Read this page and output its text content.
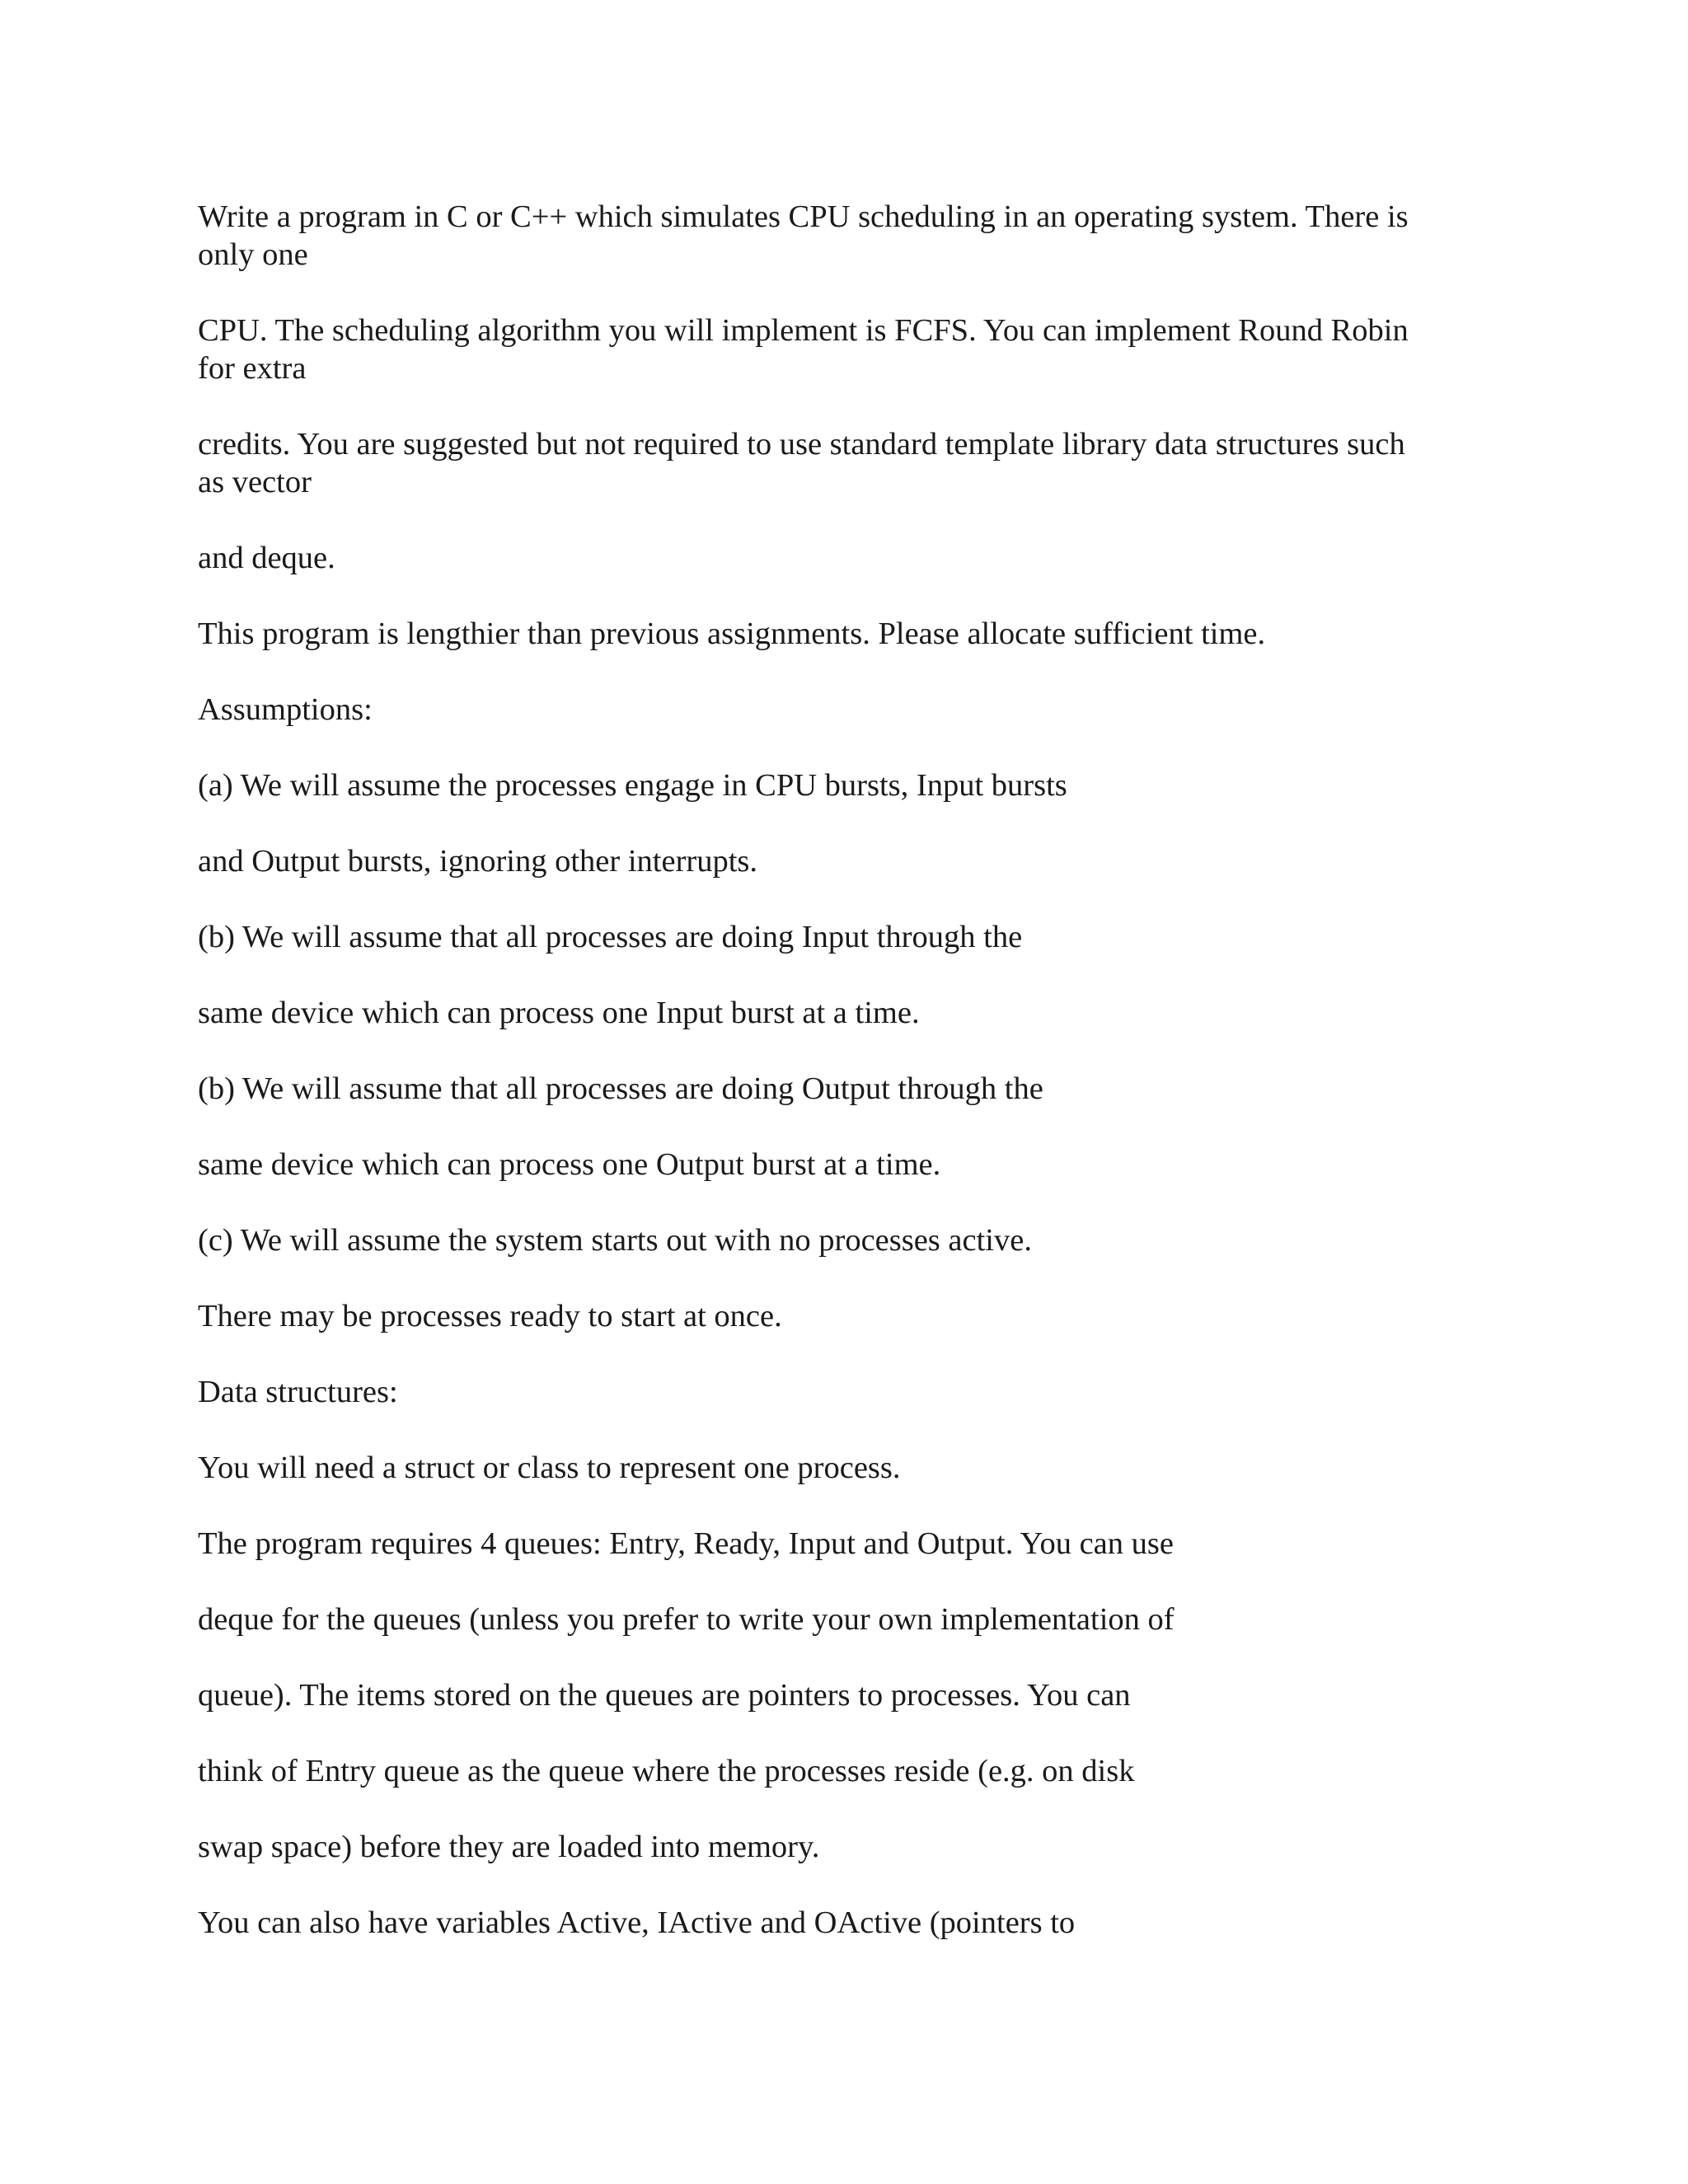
Write a program in C or C++ which simulates CPU scheduling in an operating system. There is
only one

CPU. The scheduling algorithm you will implement is FCFS. You can implement Round Robin
for extra

credits. You are suggested but not required to use standard template library data structures such
as vector

and deque.

This program is lengthier than previous assignments. Please allocate sufficient time.

Assumptions:

(a) We will assume the processes engage in CPU bursts, Input bursts

and Output bursts, ignoring other interrupts.

(b) We will assume that all processes are doing Input through the

same device which can process one Input burst at a time.

(b) We will assume that all processes are doing Output through the

same device which can process one Output burst at a time.

(c) We will assume the system starts out with no processes active.

There may be processes ready to start at once.

Data structures:

You will need a struct or class to represent one process.

The program requires 4 queues: Entry, Ready, Input and Output. You can use

deque for the queues (unless you prefer to write your own implementation of

queue). The items stored on the queues are pointers to processes. You can

think of Entry queue as the queue where the processes reside (e.g. on disk

swap space) before they are loaded into memory.

You can also have variables Active, IActive and OActive (pointers to
